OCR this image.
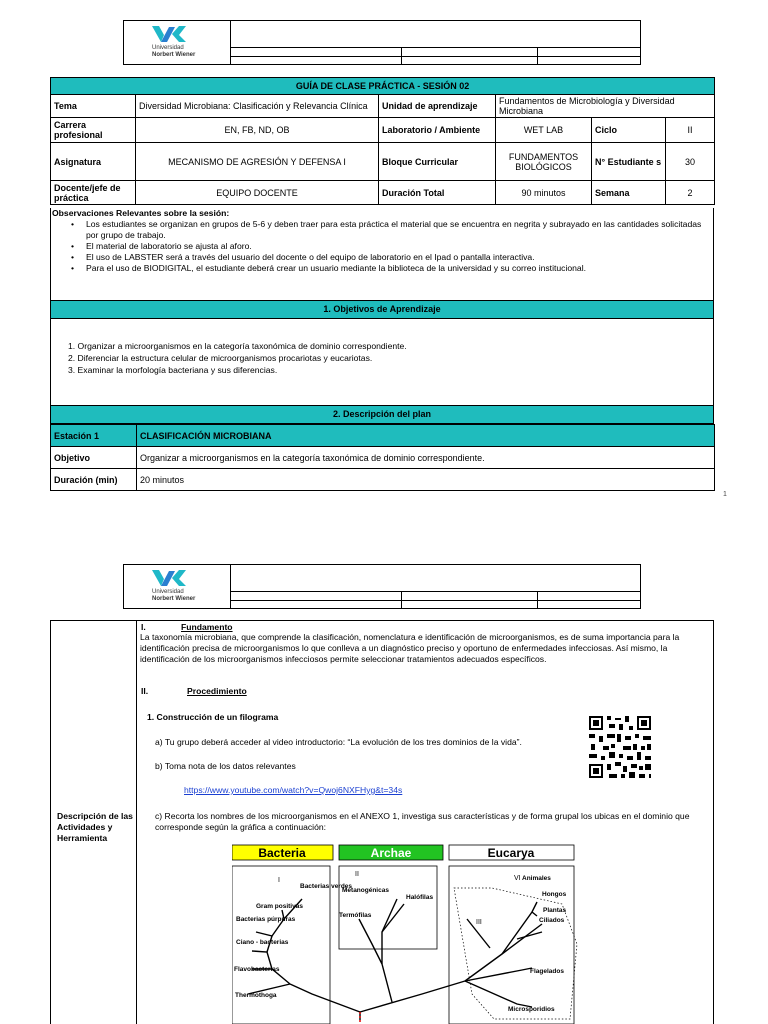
Universidad
Norbert Wiener
GUÍA DE CLASE PRÁCTICA - SESIÓN 02					
Tema	Diversidad Microbiana: Clasificación y Relevancia Clínica	Unidad de aprendizaje	Fundamentos de Microbiología y Diversidad Microbiana		
Carrera profesional	EN, FB, ND, OB	Laboratorio / Ambiente	WET LAB	Ciclo	II
Asignatura	MECANISMO DE AGRESIÓN Y DEFENSA I	Bloque Curricular	FUNDAMENTOS BIOLÓGICOS	N° Estudiante s	30
Docente/jefe de práctica	EQUIPO DOCENTE	Duración Total	90 minutos	Semana	2
Observaciones Relevantes sobre la sesión:
• Los estudiantes se organizan en grupos de 5-6 y deben traer para esta práctica el material que se encuentra en negrita y subrayado en las cantidades solicitadas por grupo de trabajo.
• El material de laboratorio se ajusta al aforo.
• El uso de LABSTER será a través del usuario del docente o del equipo de laboratorio en el Ipad o pantalla interactiva.
• Para el uso de BIODIGITAL, el estudiante deberá crear un usuario mediante la biblioteca de la universidad y su correo institucional.
1. Objetivos de Aprendizaje
1. Organizar a microorganismos en la categoría taxonómica de dominio correspondiente.
2. Diferenciar la estructura celular de microorganismos procariotas y eucariotas.
3. Examinar la morfología bacteriana y sus diferencias.
2. Descripción del plan
Estación 1	CLASIFICACIÓN MICROBIANA
Objetivo	Organizar a microorganismos en la categoría taxonómica de dominio correspondiente.
Duración (min)	20 minutos
1
Universidad
Norbert Wiener
Descripción de las Actividades y Herramienta
I.	Fundamento
La taxonomía microbiana, que comprende la clasificación, nomenclatura e identificación de microorganismos, es de suma importancia para la identificación precisa de microorganismos lo que conlleva a un diagnóstico preciso y oportuno de enfermedades infecciosas. Así mismo, la identificación de los microorganismos infecciosos permite seleccionar tratamientos adecuados específicos.
II.	Procedimiento
1. Construcción de un filograma
a) Tu grupo deberá acceder al video introductorio: “La evolución de los tres dominios de la vida”.
b) Toma nota de los datos relevantes
https://www.youtube.com/watch?v=Qwoj6NXFHyg&t=34s
c) Recorta los nombres de los microorganismos en el ANEXO 1, investiga sus características y de forma grupal los ubicas en el dominio que corresponde según la gráfica a continuación:
Bacteria	Archae	Eucarya
I
II
III
VI
Bacterias verdes
Gram positivas
Bacterias púrpuras
Ciano - bacterias
Flavobacterias
Thermothoga
Metanogénicas
Halófilas
Termófilas
Animales
Hongos
Plantas
Ciliados
Flagelados
Microsporidios
